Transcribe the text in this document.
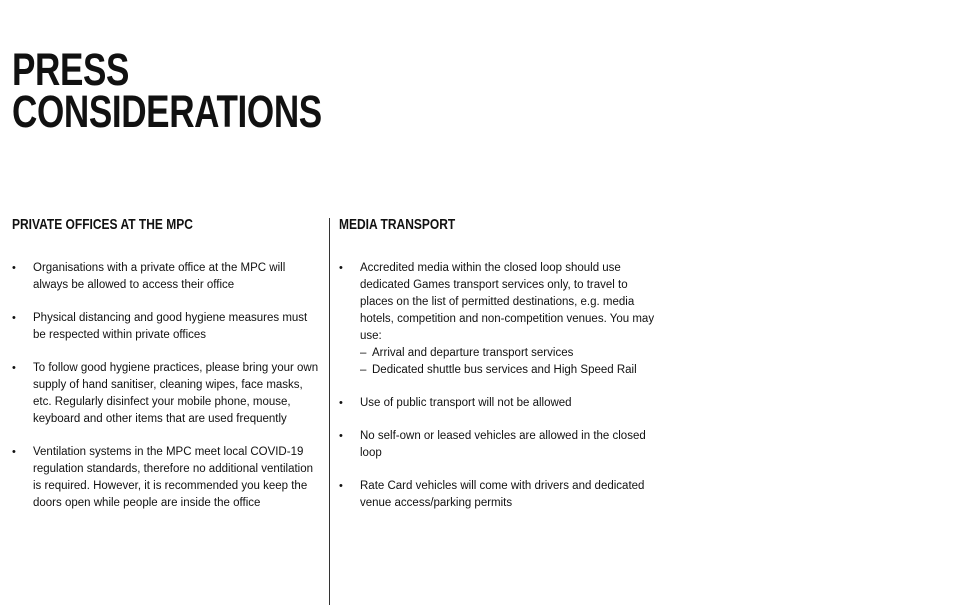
PRESS
CONSIDERATIONS
PRIVATE OFFICES AT THE MPC
• Organisations with a private office at the MPC will always be allowed to access their office
• Physical distancing and good hygiene measures must be respected within private offices
• To follow good hygiene practices, please bring your own supply of hand sanitiser, cleaning wipes, face masks, etc. Regularly disinfect your mobile phone, mouse, keyboard and other items that are used frequently
• Ventilation systems in the MPC meet local COVID-19 regulation standards, therefore no additional ventilation is required. However, it is recommended you keep the doors open while people are inside the office
MEDIA TRANSPORT
• Accredited media within the closed loop should use dedicated Games transport services only, to travel to places on the list of permitted destinations, e.g. media hotels, competition and non-competition venues. You may use:
– Arrival and departure transport services
– Dedicated shuttle bus services and High Speed Rail
• Use of public transport will not be allowed
• No self-own or leased vehicles are allowed in the closed loop
• Rate Card vehicles will come with drivers and dedicated venue access/parking permits
